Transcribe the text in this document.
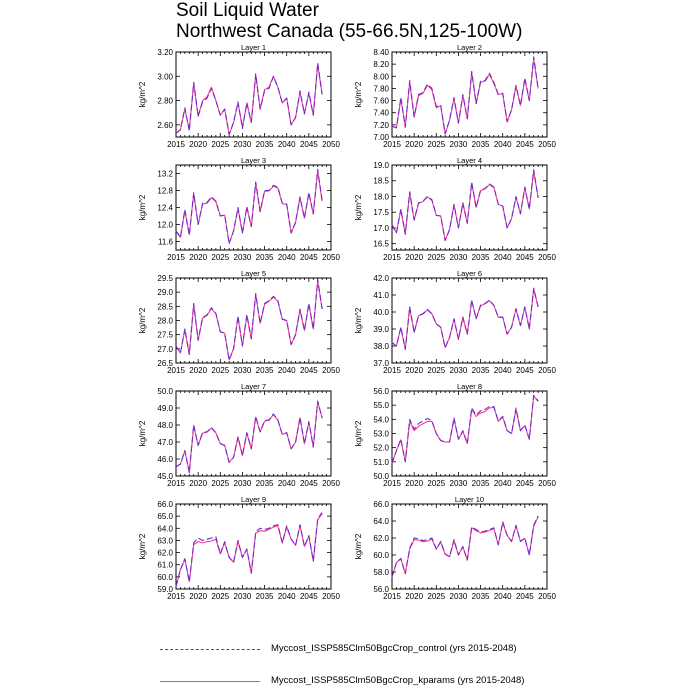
Soil Liquid Water
Northwest Canada (55-66.5N,125-100W)
Layer 1
2015 2020 2025 2030 2035 2040 2045 2050
2.60
2.80
3.00
3.20
kg/m^2
Layer 2
2015 2020 2025 2030 2035 2040 2045 2050
7.00
7.20
7.40
7.60
7.80
8.00
8.20
8.40
kg/m^2
Layer 3
2015 2020 2025 2030 2035 2040 2045 2050
11.6
12.0
12.4
12.8
13.2
kg/m^2
Layer 4
2015 2020 2025 2030 2035 2040 2045 2050
16.5
17.0
17.5
18.0
18.5
19.0
kg/m^2
Layer 5
2015 2020 2025 2030 2035 2040 2045 2050
26.5
27.0
27.5
28.0
28.5
29.0
29.5
kg/m^2
Layer 6
2015 2020 2025 2030 2035 2040 2045 2050
37.0
38.0
39.0
40.0
41.0
42.0
kg/m^2
Layer 7
2015 2020 2025 2030 2035 2040 2045 2050
45.0
46.0
47.0
48.0
49.0
50.0
kg/m^2
Layer 8
2015 2020 2025 2030 2035 2040 2045 2050
50.0
51.0
52.0
53.0
54.0
55.0
56.0
kg/m^2
Layer 9
2015 2020 2025 2030 2035 2040 2045 2050
59.0
60.0
61.0
62.0
63.0
64.0
65.0
66.0
kg/m^2
Layer 10
2015 2020 2025 2030 2035 2040 2045 2050
56.0
58.0
60.0
62.0
64.0
66.0
kg/m^2
Myccost_ISSP585Clm50BgcCrop_control (yrs 2015-2048)
Myccost_ISSP585Clm50BgcCrop_kparams (yrs 2015-2048)
